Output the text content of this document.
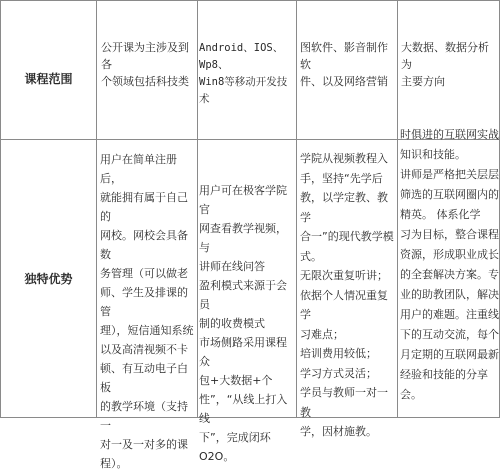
课程范围
公开课为主涉及到各
个领域包括科技类
Android、IOS、Wp8、
Win8等移动开发技术
图软件、影音制作软
件、以及网络营销
大数据、数据分析为
主要方向
独特优势
用户在简单注册后，
就能拥有属于自己的
网校。网校会具备数
务管理（可以做老
师、学生及排课的管
理），短信通知系统
以及高清视频不卡
顿、有互动电子白板
的教学环境（支持一
对一及一对多的课
程）。
用户可在极客学院官
网查看教学视频，与
讲师在线问答
盈利模式来源于会员
制的收费模式
市场侧路采用课程众
包+大数据+个
性”，“从线上打入线
下”，完成闭环O2O。
学院从视频教程入
手，坚持“先学后
教，以学定教、教学
合一”的现代教学模
式。
无限次重复听讲；
依据个人情况重复学
习难点；
培训费用较低；
学习方式灵活；
学员与教师一对一教
学，因材施教。
时俱进的互联网实战
知识和技能。
讲师是严格把关层层
筛选的互联网圈内的
精英。 体系化学
习为目标，整合课程
资源，形成职业成长
的全套解决方案。专
业的助教团队，解决
用户的难题。注重线
下的互动交流，每个
月定期的互联网最新
经验和技能的分享
会。
